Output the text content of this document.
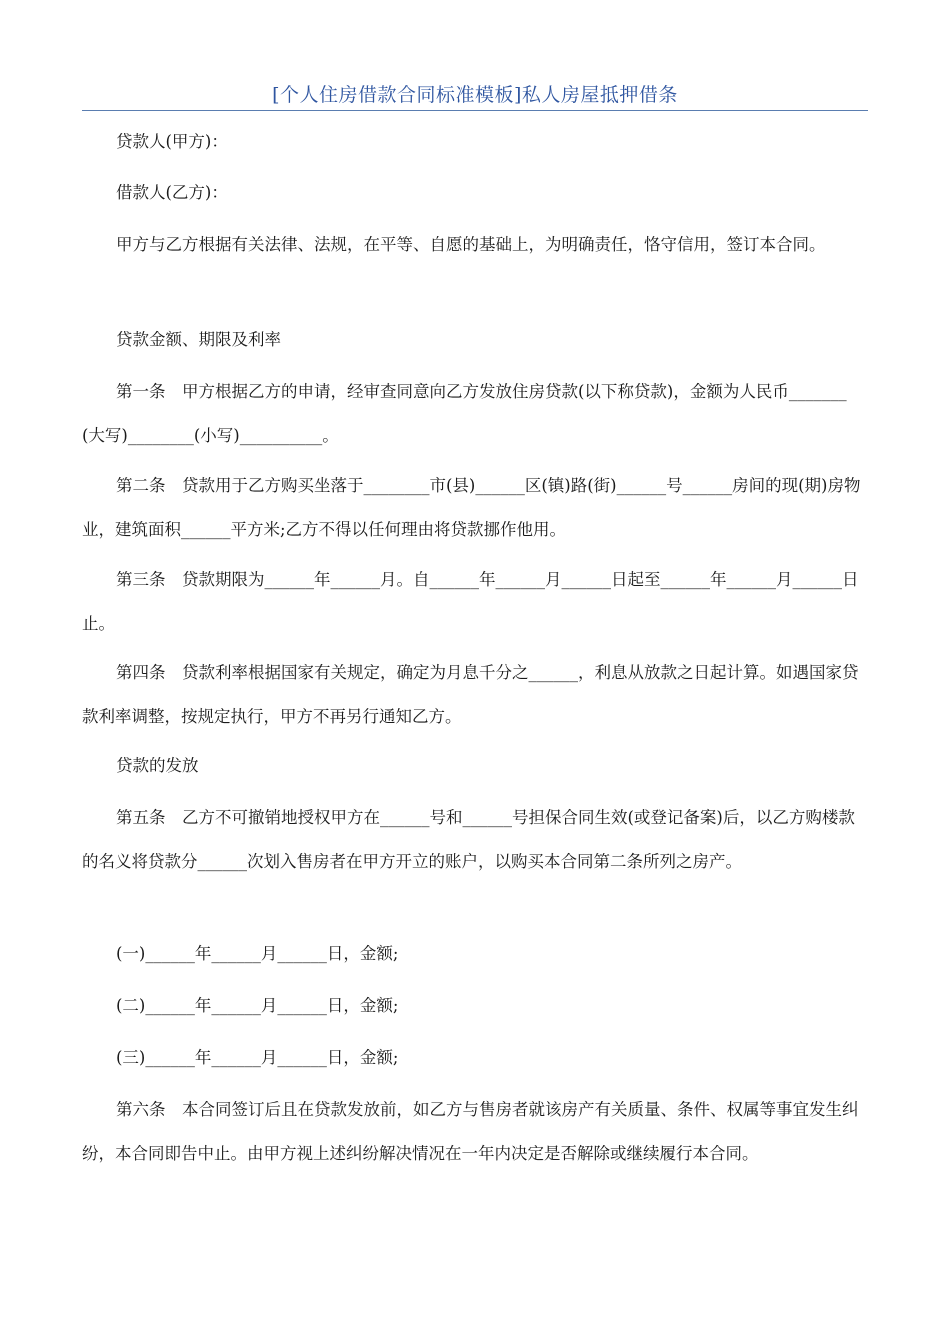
[个人住房借款合同标准模板]私人房屋抵押借条

贷款人(甲方)：

借款人(乙方)：

甲方与乙方根据有关法律、法规，在平等、自愿的基础上，为明确责任，恪守信用，签订本合同。

贷款金额、期限及利率

第一条　甲方根据乙方的申请，经审查同意向乙方发放住房贷款(以下称贷款)，金额为人民币_______(大写)________(小写)__________。

第二条　贷款用于乙方购买坐落于________市(县)______区(镇)路(街)______号______房间的现(期)房物业，建筑面积______平方米;乙方不得以任何理由将贷款挪作他用。

第三条　贷款期限为______年______月。自______年______月______日起至______年______月______日止。

第四条　贷款利率根据国家有关规定，确定为月息千分之______，利息从放款之日起计算。如遇国家贷款利率调整，按规定执行，甲方不再另行通知乙方。

贷款的发放

第五条　乙方不可撤销地授权甲方在______号和______号担保合同生效(或登记备案)后，以乙方购楼款的名义将贷款分______次划入售房者在甲方开立的账户，以购买本合同第二条所列之房产。

(一)______年______月______日，金额;

(二)______年______月______日，金额;

(三)______年______月______日，金额;

第六条　本合同签订后且在贷款发放前，如乙方与售房者就该房产有关质量、条件、权属等事宜发生纠纷，本合同即告中止。由甲方视上述纠纷解决情况在一年内决定是否解除或继续履行本合同。
